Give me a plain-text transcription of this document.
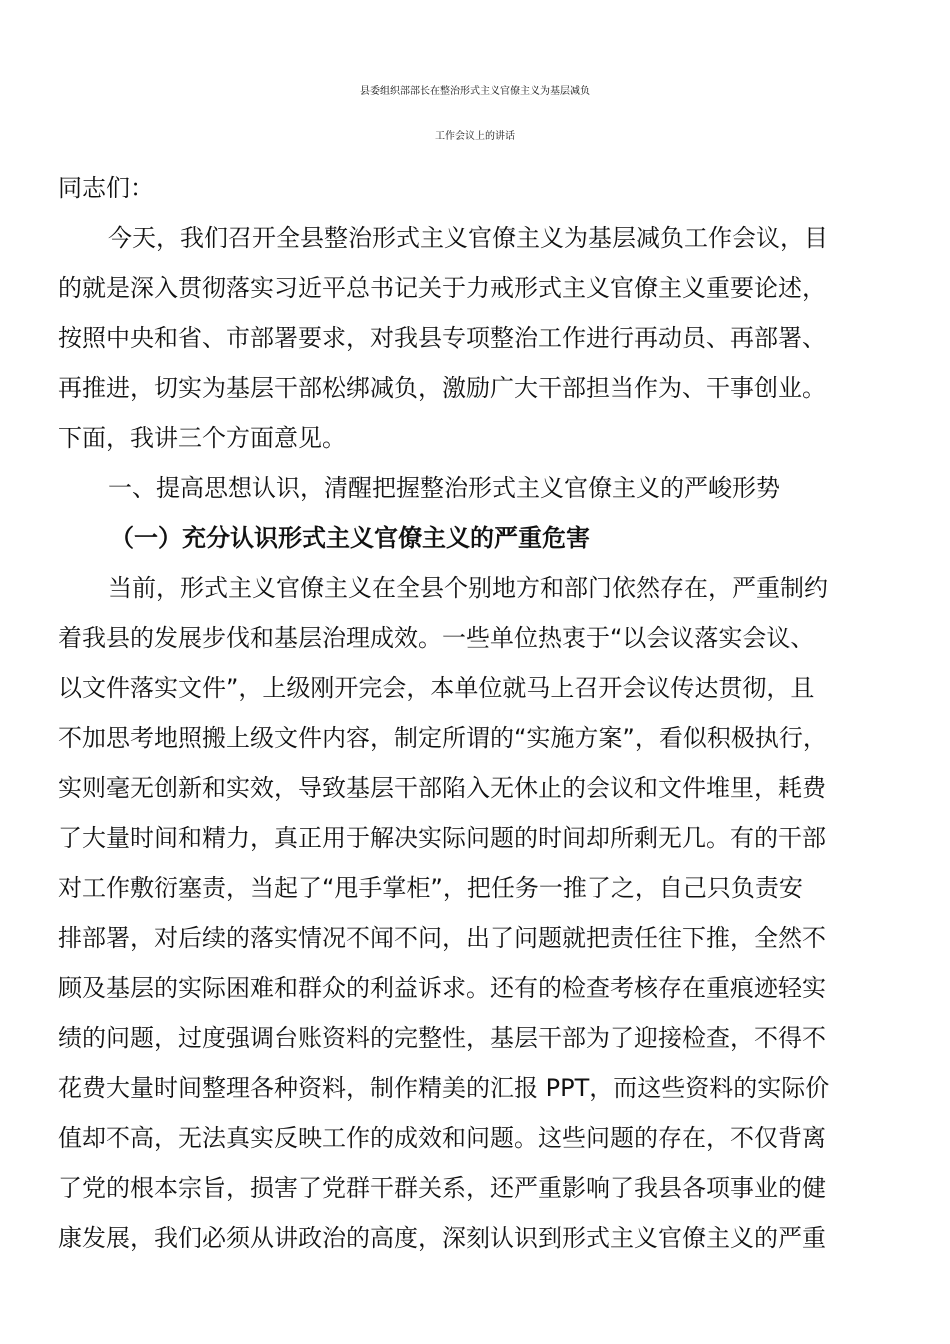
县委组织部部长在整治形式主义官僚主义为基层减负
工作会议上的讲话

同志们：

今天，我们召开全县整治形式主义官僚主义为基层减负工作会议，目

的就是深入贯彻落实习近平总书记关于力戒形式主义官僚主义重要论述，

按照中央和省、市部署要求，对我县专项整治工作进行再动员、再部署、

再推进，切实为基层干部松绑减负，激励广大干部担当作为、干事创业。

下面，我讲三个方面意见。

一、提高思想认识，清醒把握整治形式主义官僚主义的严峻形势

（一）充分认识形式主义官僚主义的严重危害

当前，形式主义官僚主义在全县个别地方和部门依然存在，严重制约

着我县的发展步伐和基层治理成效。一些单位热衷于“以会议落实会议、

以文件落实文件”，上级刚开完会，本单位就马上召开会议传达贯彻，且

不加思考地照搬上级文件内容，制定所谓的“实施方案”，看似积极执行，

实则毫无创新和实效，导致基层干部陷入无休止的会议和文件堆里，耗费

了大量时间和精力，真正用于解决实际问题的时间却所剩无几。有的干部

对工作敷衍塞责，当起了“甩手掌柜”，把任务一推了之，自己只负责安

排部署，对后续的落实情况不闻不问，出了问题就把责任往下推，全然不

顾及基层的实际困难和群众的利益诉求。还有的检查考核存在重痕迹轻实

绩的问题，过度强调台账资料的完整性，基层干部为了迎接检查，不得不

花费大量时间整理各种资料，制作精美的汇报 PPT，而这些资料的实际价

值却不高，无法真实反映工作的成效和问题。这些问题的存在，不仅背离

了党的根本宗旨，损害了党群干群关系，还严重影响了我县各项事业的健

康发展，我们必须从讲政治的高度，深刻认识到形式主义官僚主义的严重
